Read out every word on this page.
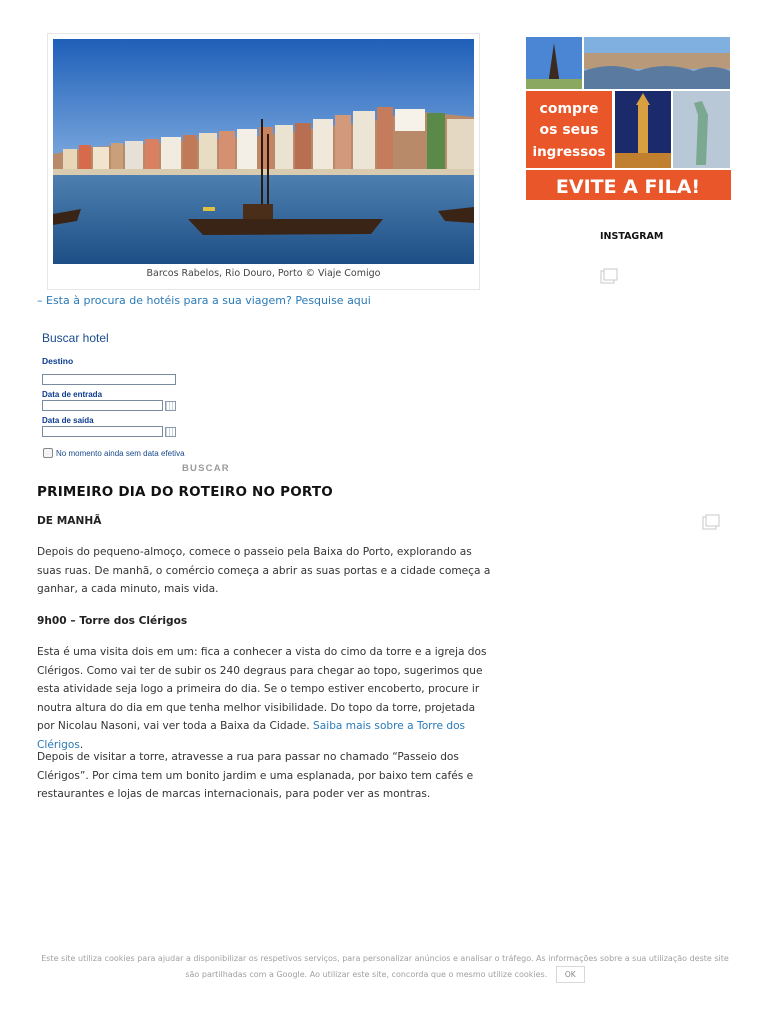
Barcos Rabelos, Rio Douro, Porto © Viaje Comigo
– Esta à procura de hotéis para a sua viagem? Pesquise aqui
Buscar hotel
Destino
Data de entrada
Data de saída
No momento ainda sem data efetiva
BUSCAR
PRIMEIRO DIA DO ROTEIRO NO PORTO

DE MANHÃ

Depois do pequeno-almoço, comece o passeio pela Baixa do Porto, explorando as suas ruas. De manhã, o comércio começa a abrir as suas portas e a cidade começa a ganhar, a cada minuto, mais vida.

9h00 – Torre dos Clérigos

Esta é uma visita dois em um: fica a conhecer a vista do cimo da torre e a igreja dos Clérigos. Como vai ter de subir os 240 degraus para chegar ao topo, sugerimos que esta atividade seja logo a primeira do dia. Se o tempo estiver encoberto, procure ir noutra altura do dia em que tenha melhor visibilidade. Do topo da torre, projetada por Nicolau Nasoni, vai ver toda a Baixa da Cidade. Saiba mais sobre a Torre dos Clérigos.

Depois de visitar a torre, atravesse a rua para passar no chamado “Passeio dos Clérigos”. Por cima tem um bonito jardim e uma esplanada, por baixo tem cafés e restaurantes e lojas de marcas internacionais, para poder ver as montras.

compre
os seus
ingressos
EVITE A FILA!
INSTAGRAM
Este site utiliza cookies para ajudar a disponibilizar os respetivos serviços, para personalizar anúncios e analisar o tráfego. As informações sobre a sua utilização deste site são partilhadas com a Google. Ao utilizar este site, concorda que o mesmo utilize cookies. OK
